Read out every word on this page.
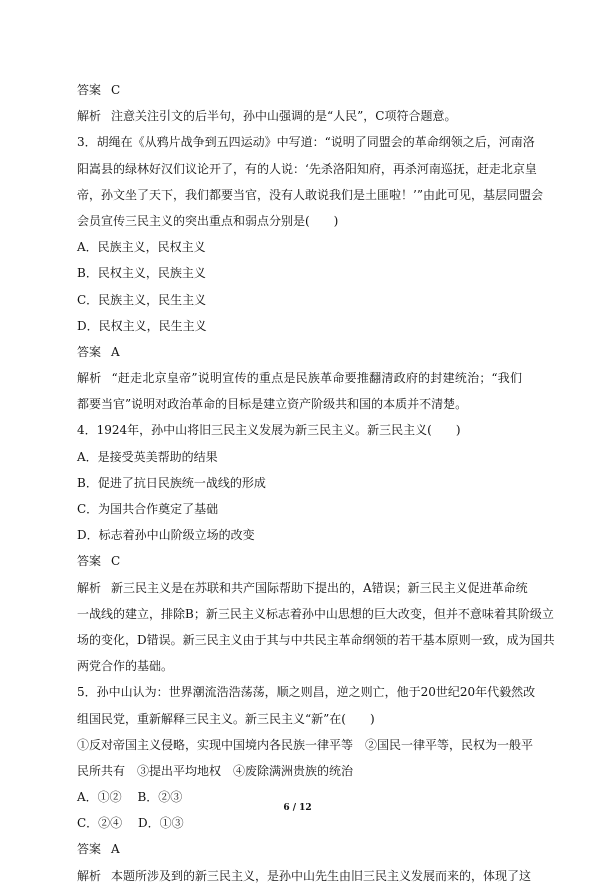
答案 C
解析 注意关注引文的后半句，孙中山强调的是“人民”，C项符合题意。
3．胡绳在《从鸦片战争到五四运动》中写道：“说明了同盟会的革命纲领之后，河南洛
阳嵩县的绿林好汉们议论开了，有的人说：‘先杀洛阳知府，再杀河南巡抚，赶走北京皇
帝，孙文坐了天下，我们都要当官，没有人敢说我们是土匪啦！’”由此可见，基层同盟会
会员宣传三民主义的突出重点和弱点分别是(　　)
A．民族主义，民权主义
B．民权主义，民族主义
C．民族主义，民生主义
D．民权主义，民生主义
答案 A
解析 “赶走北京皇帝”说明宣传的重点是民族革命要推翻清政府的封建统治；“我们
都要当官”说明对政治革命的目标是建立资产阶级共和国的本质并不清楚。
4．1924年，孙中山将旧三民主义发展为新三民主义。新三民主义(　　)
A．是接受英美帮助的结果
B．促进了抗日民族统一战线的形成
C．为国共合作奠定了基础
D．标志着孙中山阶级立场的改变
答案 C
解析 新三民主义是在苏联和共产国际帮助下提出的，A错误；新三民主义促进革命统
一战线的建立，排除B；新三民主义标志着孙中山思想的巨大改变，但并不意味着其阶级立
场的变化，D错误。新三民主义由于其与中共民主革命纲领的若干基本原则一致，成为国共
两党合作的基础。
5．孙中山认为：世界潮流浩浩荡荡，顺之则昌，逆之则亡，他于20世纪20年代毅然改
组国民党，重新解释三民主义。新三民主义“新”在(　　)
①反对帝国主义侵略，实现中国境内各民族一律平等　②国民一律平等，民权为一般平
民所共有　③提出平均地权　④废除满洲贵族的统治
A．①②　 B．②③
C．②④　 D．①③
答案 A
解析 本题所涉及到的新三民主义，是孙中山先生由旧三民主义发展而来的，体现了这
6 / 12
